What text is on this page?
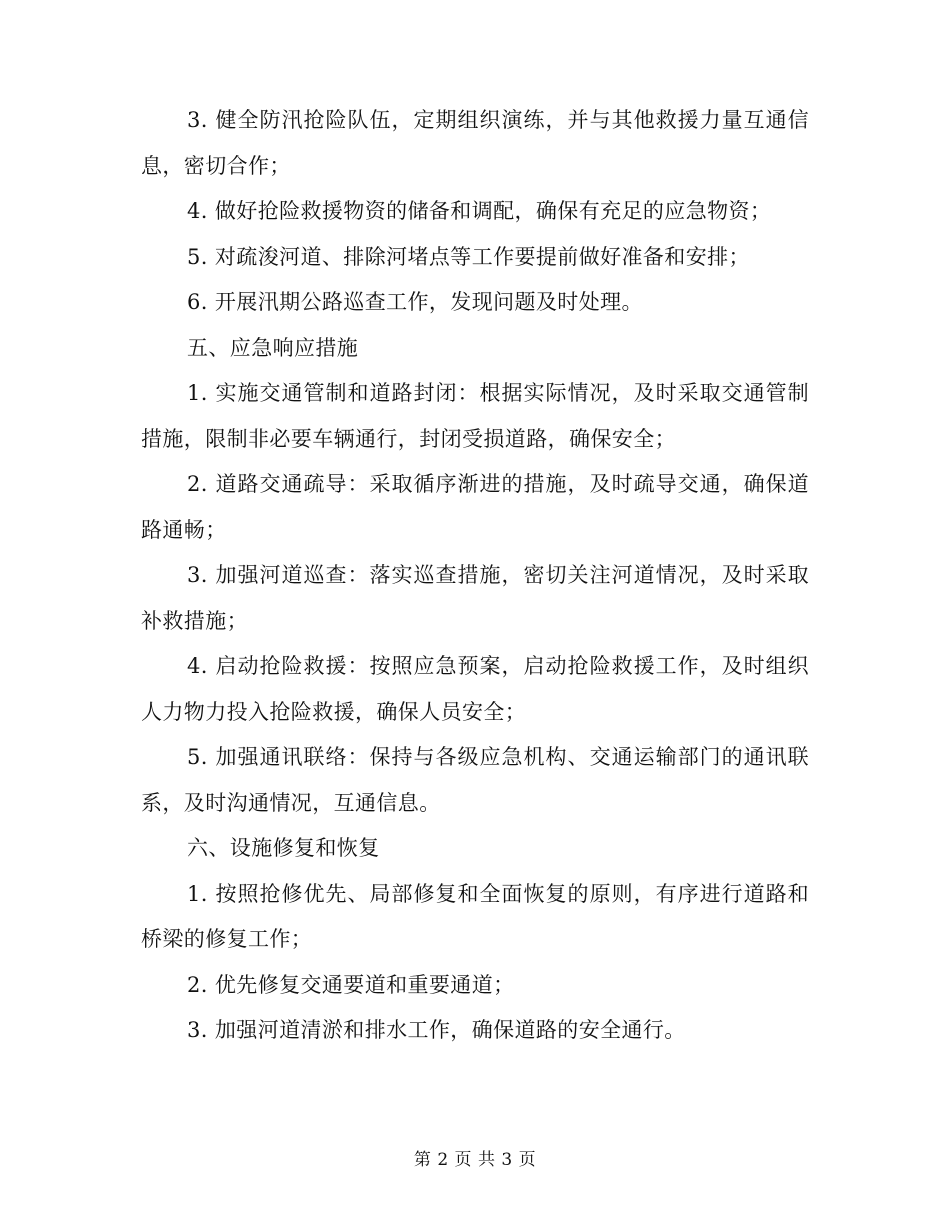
3. 健全防汛抢险队伍，定期组织演练，并与其他救援力量互通信息，密切合作；

4. 做好抢险救援物资的储备和调配，确保有充足的应急物资；

5. 对疏浚河道、排除河堵点等工作要提前做好准备和安排；

6. 开展汛期公路巡查工作，发现问题及时处理。

五、应急响应措施

1. 实施交通管制和道路封闭：根据实际情况，及时采取交通管制措施，限制非必要车辆通行，封闭受损道路，确保安全；

2. 道路交通疏导：采取循序渐进的措施，及时疏导交通，确保道路通畅；

3. 加强河道巡查：落实巡查措施，密切关注河道情况，及时采取补救措施；

4. 启动抢险救援：按照应急预案，启动抢险救援工作，及时组织人力物力投入抢险救援，确保人员安全；

5. 加强通讯联络：保持与各级应急机构、交通运输部门的通讯联系，及时沟通情况，互通信息。

六、设施修复和恢复

1. 按照抢修优先、局部修复和全面恢复的原则，有序进行道路和桥梁的修复工作；

2. 优先修复交通要道和重要通道；

3. 加强河道清淤和排水工作，确保道路的安全通行。

第 2 页 共 3 页
